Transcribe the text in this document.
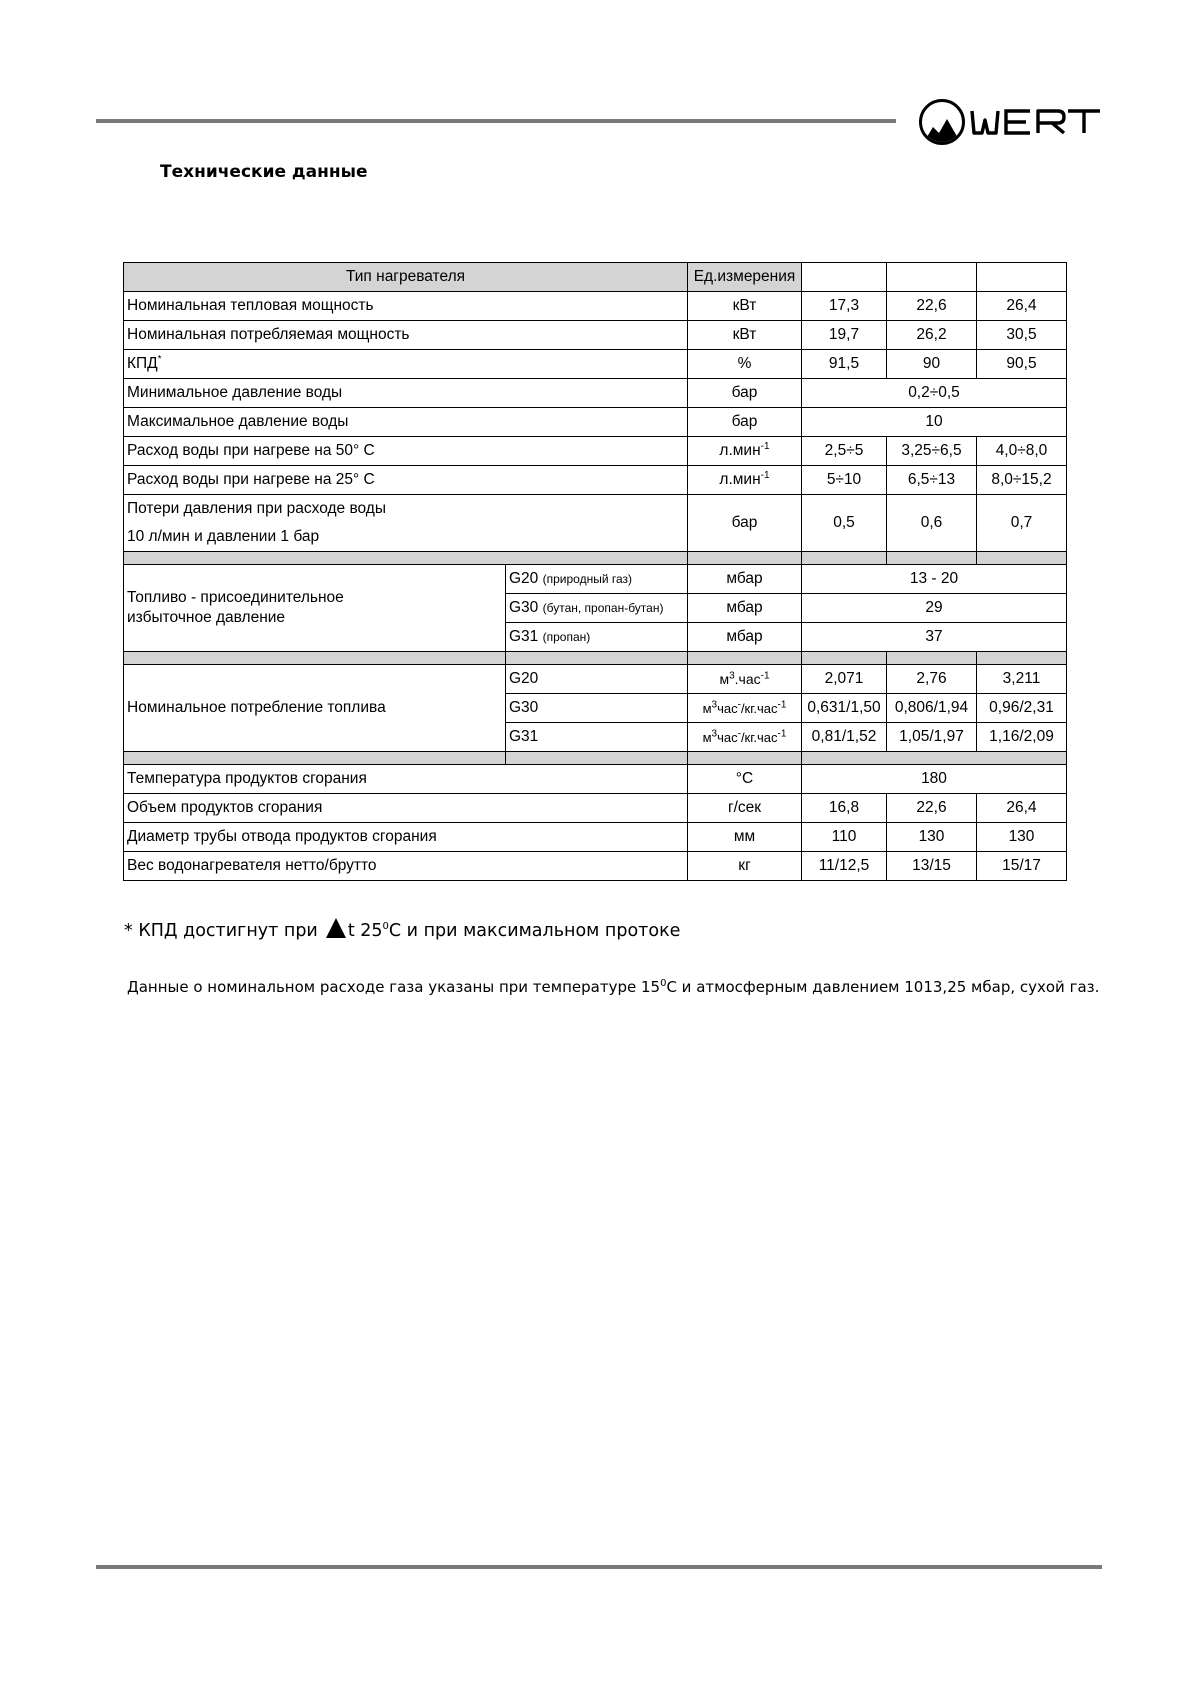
Технические данные
Тип нагревателя		Ед.измерения			
Номинальная тепловая мощность		кВт	17,3	22,6	26,4
Номинальная потребляемая мощность		кВт	19,7	26,2	30,5
КПД*		%	91,5	90	90,5
Минимальное давление воды		бар	0,2÷0,5		
Максимальное давление воды		бар	10		
Расход воды при нагреве на 50° С		л.мин$^{-1}$	2,5÷5	3,25÷6,5	4,0÷8,0
Расход воды при нагреве на 25° С		л.мин$^{-1}$	5÷10	6,5÷13	8,0÷15,2
Потери давления при расходе воды
10 л/мин и давлении 1 бар		бар	0,5	0,6	0,7

Топливо - присоединительное
избыточное давление	G20 (природный газ)	мбар	13 - 20		
	G30 (бутан, пропан-бутан)	мбар	29		
	G31 (пропан)	мбар	37		

Номинальное потребление топлива	G20	$м^3.час^{-1}$	2,071	2,76	3,211
	G30	$м^3час^-/кг.час^{-1}$	0,631/1,50	0,806/1,94	0,96/2,31
	G31	$м^3час^-/кг.час^{-1}$	0,81/1,52	1,05/1,97	1,16/2,09

Температура продуктов сгорания		°С	180		
Объем продуктов сгорания		г/сек	16,8	22,6	26,4
Диаметр трубы отвода продуктов сгорания		мм	110	130	130
Вес водонагревателя нетто/брутто		кг	11/12,5	13/15	15/17
* КПД достигнут при t $25^0С$ и при максимальном протоке
Данные о номинальном расходе газа указаны при температуре $15^0С$ и атмосферным давлением 1013,25 мбар, сухой газ.
